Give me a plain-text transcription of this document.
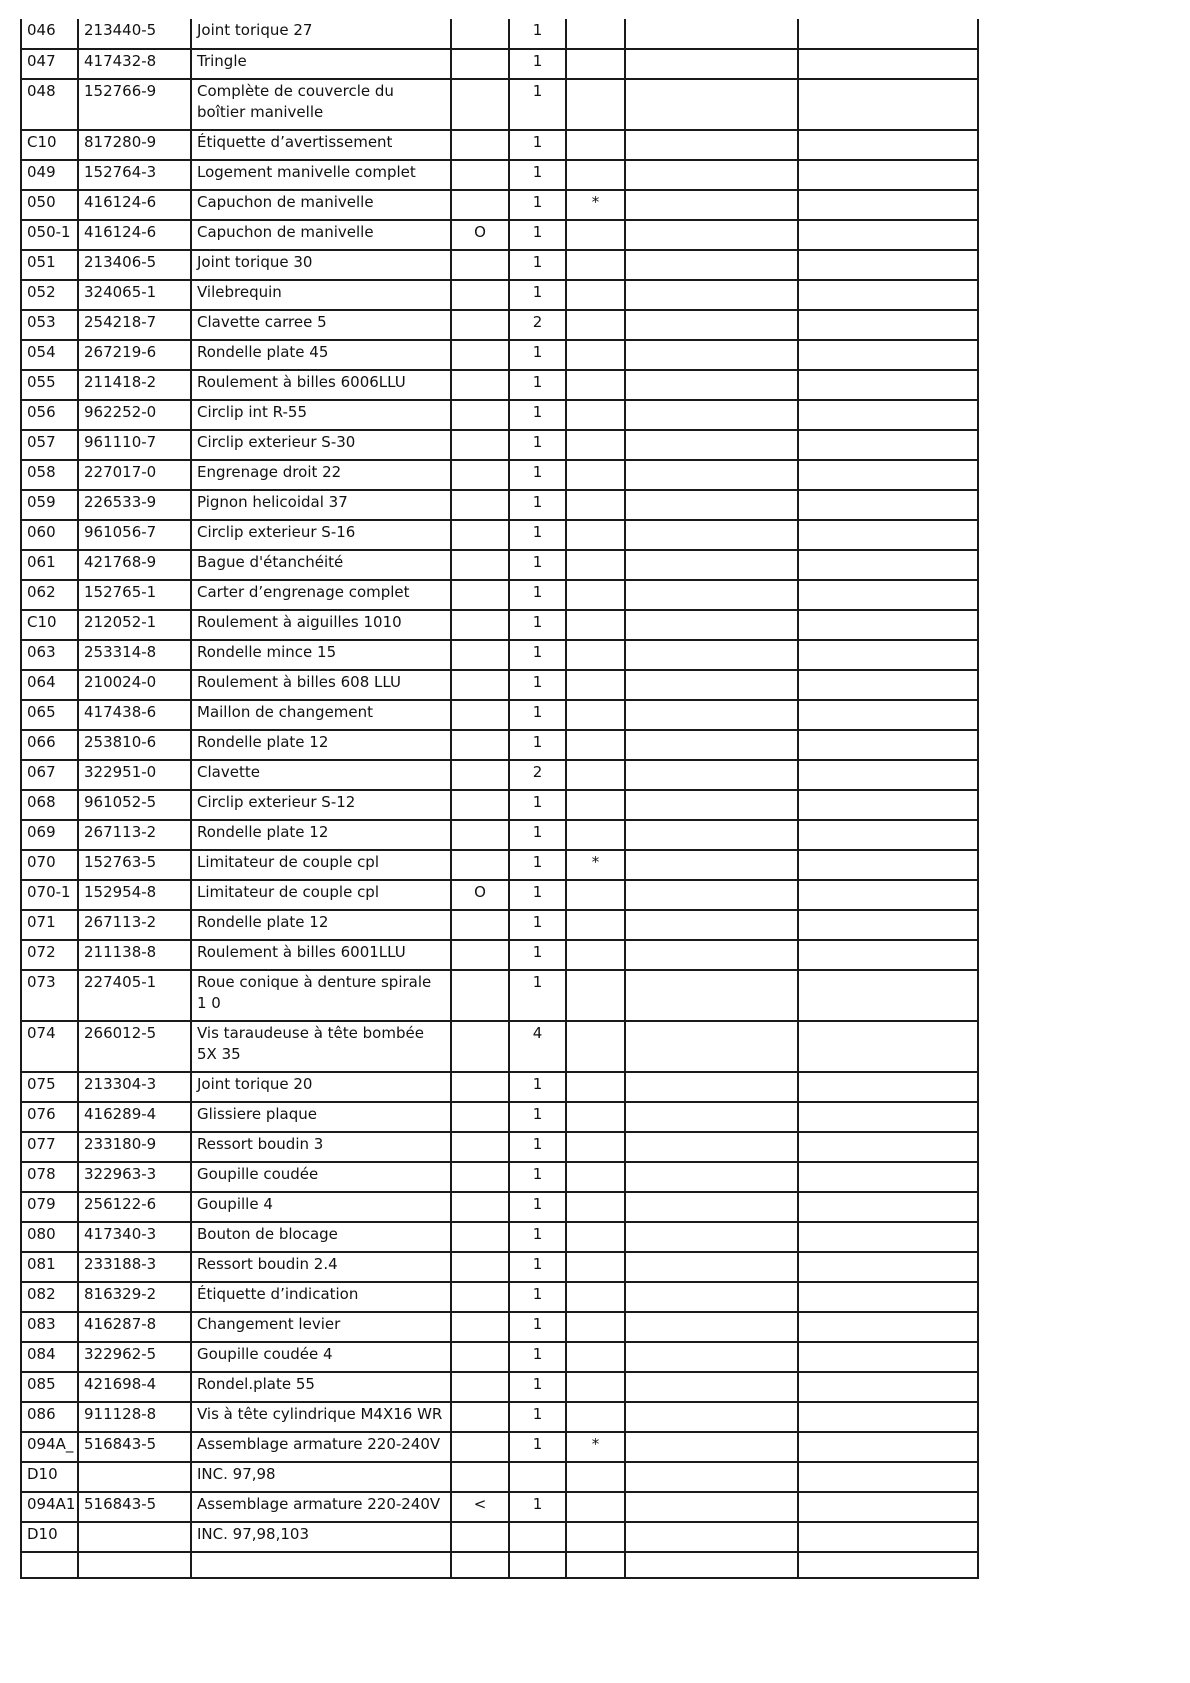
046	213440-5	Joint torique 27		1			

047	417432-8	Tringle		1			

048	152766-9	Complète de couvercle du boîtier manivelle		1			

C10	817280-9	Étiquette d’avertissement		1			

049	152764-3	Logement manivelle complet		1			

050	416124-6	Capuchon de manivelle		1	*		

050-1	416124-6	Capuchon de manivelle	O	1			

051	213406-5	Joint torique 30		1			

052	324065-1	Vilebrequin		1			

053	254218-7	Clavette carree 5		2			

054	267219-6	Rondelle plate 45		1			

055	211418-2	Roulement à billes 6006LLU		1			

056	962252-0	Circlip int R-55		1			

057	961110-7	Circlip exterieur S-30		1			

058	227017-0	Engrenage droit 22		1			

059	226533-9	Pignon helicoidal 37		1			

060	961056-7	Circlip exterieur S-16		1			

061	421768-9	Bague d'étanchéité		1			

062	152765-1	Carter d’engrenage complet		1			

C10	212052-1	Roulement à aiguilles 1010		1			

063	253314-8	Rondelle mince 15		1			

064	210024-0	Roulement à billes 608 LLU		1			

065	417438-6	Maillon de changement		1			

066	253810-6	Rondelle plate 12		1			

067	322951-0	Clavette		2			

068	961052-5	Circlip exterieur S-12		1			

069	267113-2	Rondelle plate 12		1			

070	152763-5	Limitateur de couple cpl		1	*		

070-1	152954-8	Limitateur de couple cpl	O	1			

071	267113-2	Rondelle plate 12		1			

072	211138-8	Roulement à billes 6001LLU		1			

073	227405-1	Roue conique à denture spirale 1 0		1			

074	266012-5	Vis taraudeuse à tête bombée 5X 35		4			

075	213304-3	Joint torique 20		1			

076	416289-4	Glissiere plaque		1			

077	233180-9	Ressort boudin 3		1			

078	322963-3	Goupille coudée		1			

079	256122-6	Goupille 4		1			

080	417340-3	Bouton de blocage		1			

081	233188-3	Ressort boudin 2.4		1			

082	816329-2	Étiquette d’indication		1			

083	416287-8	Changement levier		1			

084	322962-5	Goupille coudée 4		1			

085	421698-4	Rondel.plate 55		1			

086	911128-8	Vis à tête cylindrique M4X16 WR		1			

094A_	516843-5	Assemblage armature 220-240V		1	*		

D10		INC. 97,98					

094A1	516843-5	Assemblage armature 220-240V	<	1			

D10		INC. 97,98,103					
